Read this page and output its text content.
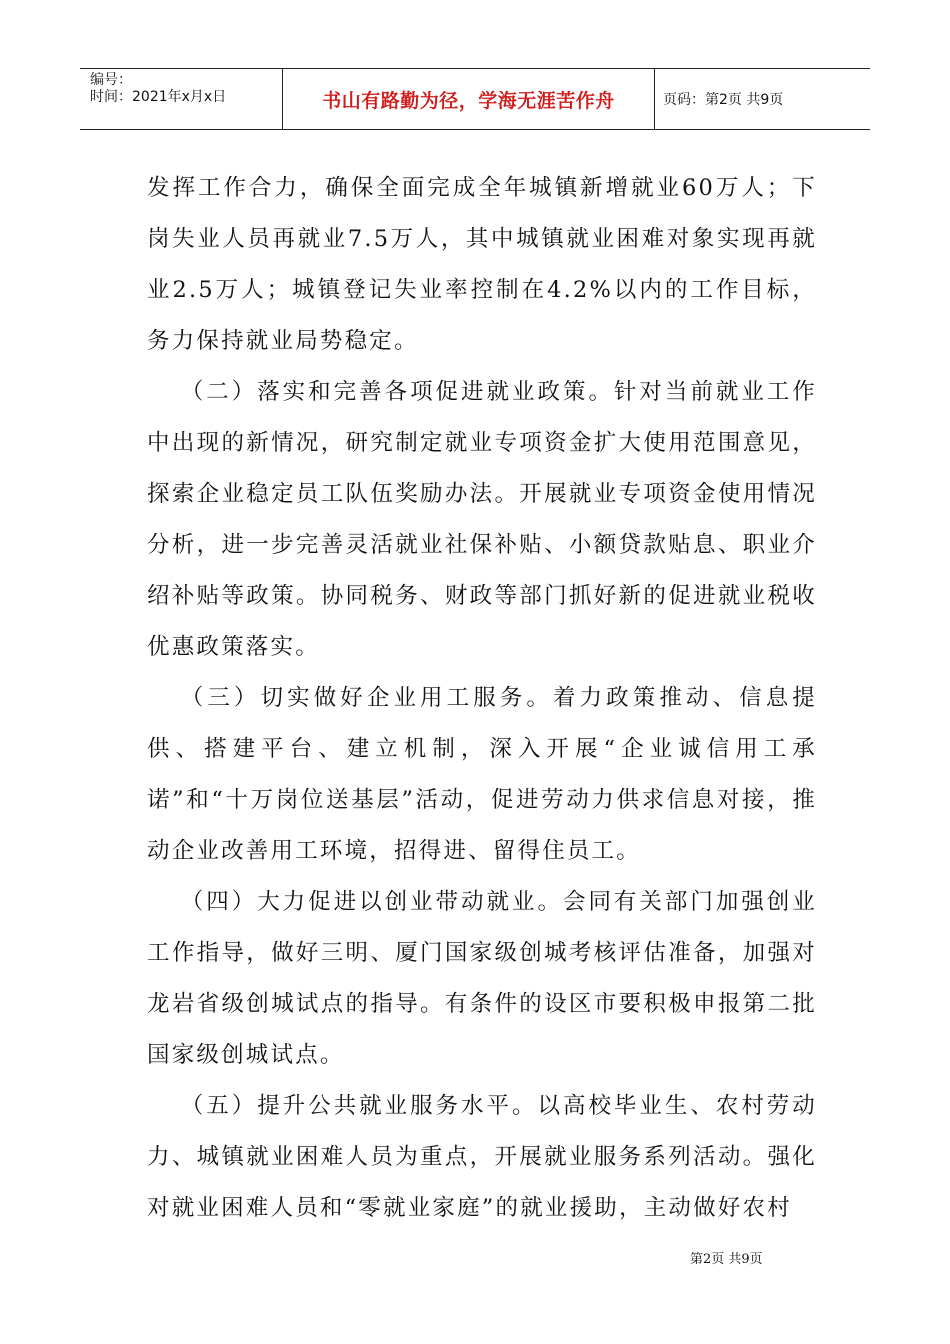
编号：
时间：2021年x月x日	书山有路勤为径，学海无涯苦作舟	页码：第2页 共9页

发挥工作合力，确保全面完成全年城镇新增就业60万人；下岗失业人员再就业7.5万人，其中城镇就业困难对象实现再就业2.5万人；城镇登记失业率控制在4.2%以内的工作目标，务力保持就业局势稳定。

（二）落实和完善各项促进就业政策。针对当前就业工作中出现的新情况，研究制定就业专项资金扩大使用范围意见，探索企业稳定员工队伍奖励办法。开展就业专项资金使用情况分析，进一步完善灵活就业社保补贴、小额贷款贴息、职业介绍补贴等政策。协同税务、财政等部门抓好新的促进就业税收优惠政策落实。

（三）切实做好企业用工服务。着力政策推动、信息提供、搭建平台、建立机制，深入开展“企业诚信用工承诺”和“十万岗位送基层”活动，促进劳动力供求信息对接，推动企业改善用工环境，招得进、留得住员工。

（四）大力促进以创业带动就业。会同有关部门加强创业工作指导，做好三明、厦门国家级创城考核评估准备，加强对龙岩省级创城试点的指导。有条件的设区市要积极申报第二批国家级创城试点。

（五）提升公共就业服务水平。以高校毕业生、农村劳动力、城镇就业困难人员为重点，开展就业服务系列活动。强化对就业困难人员和“零就业家庭”的就业援助，主动做好农村

第2页 共9页
